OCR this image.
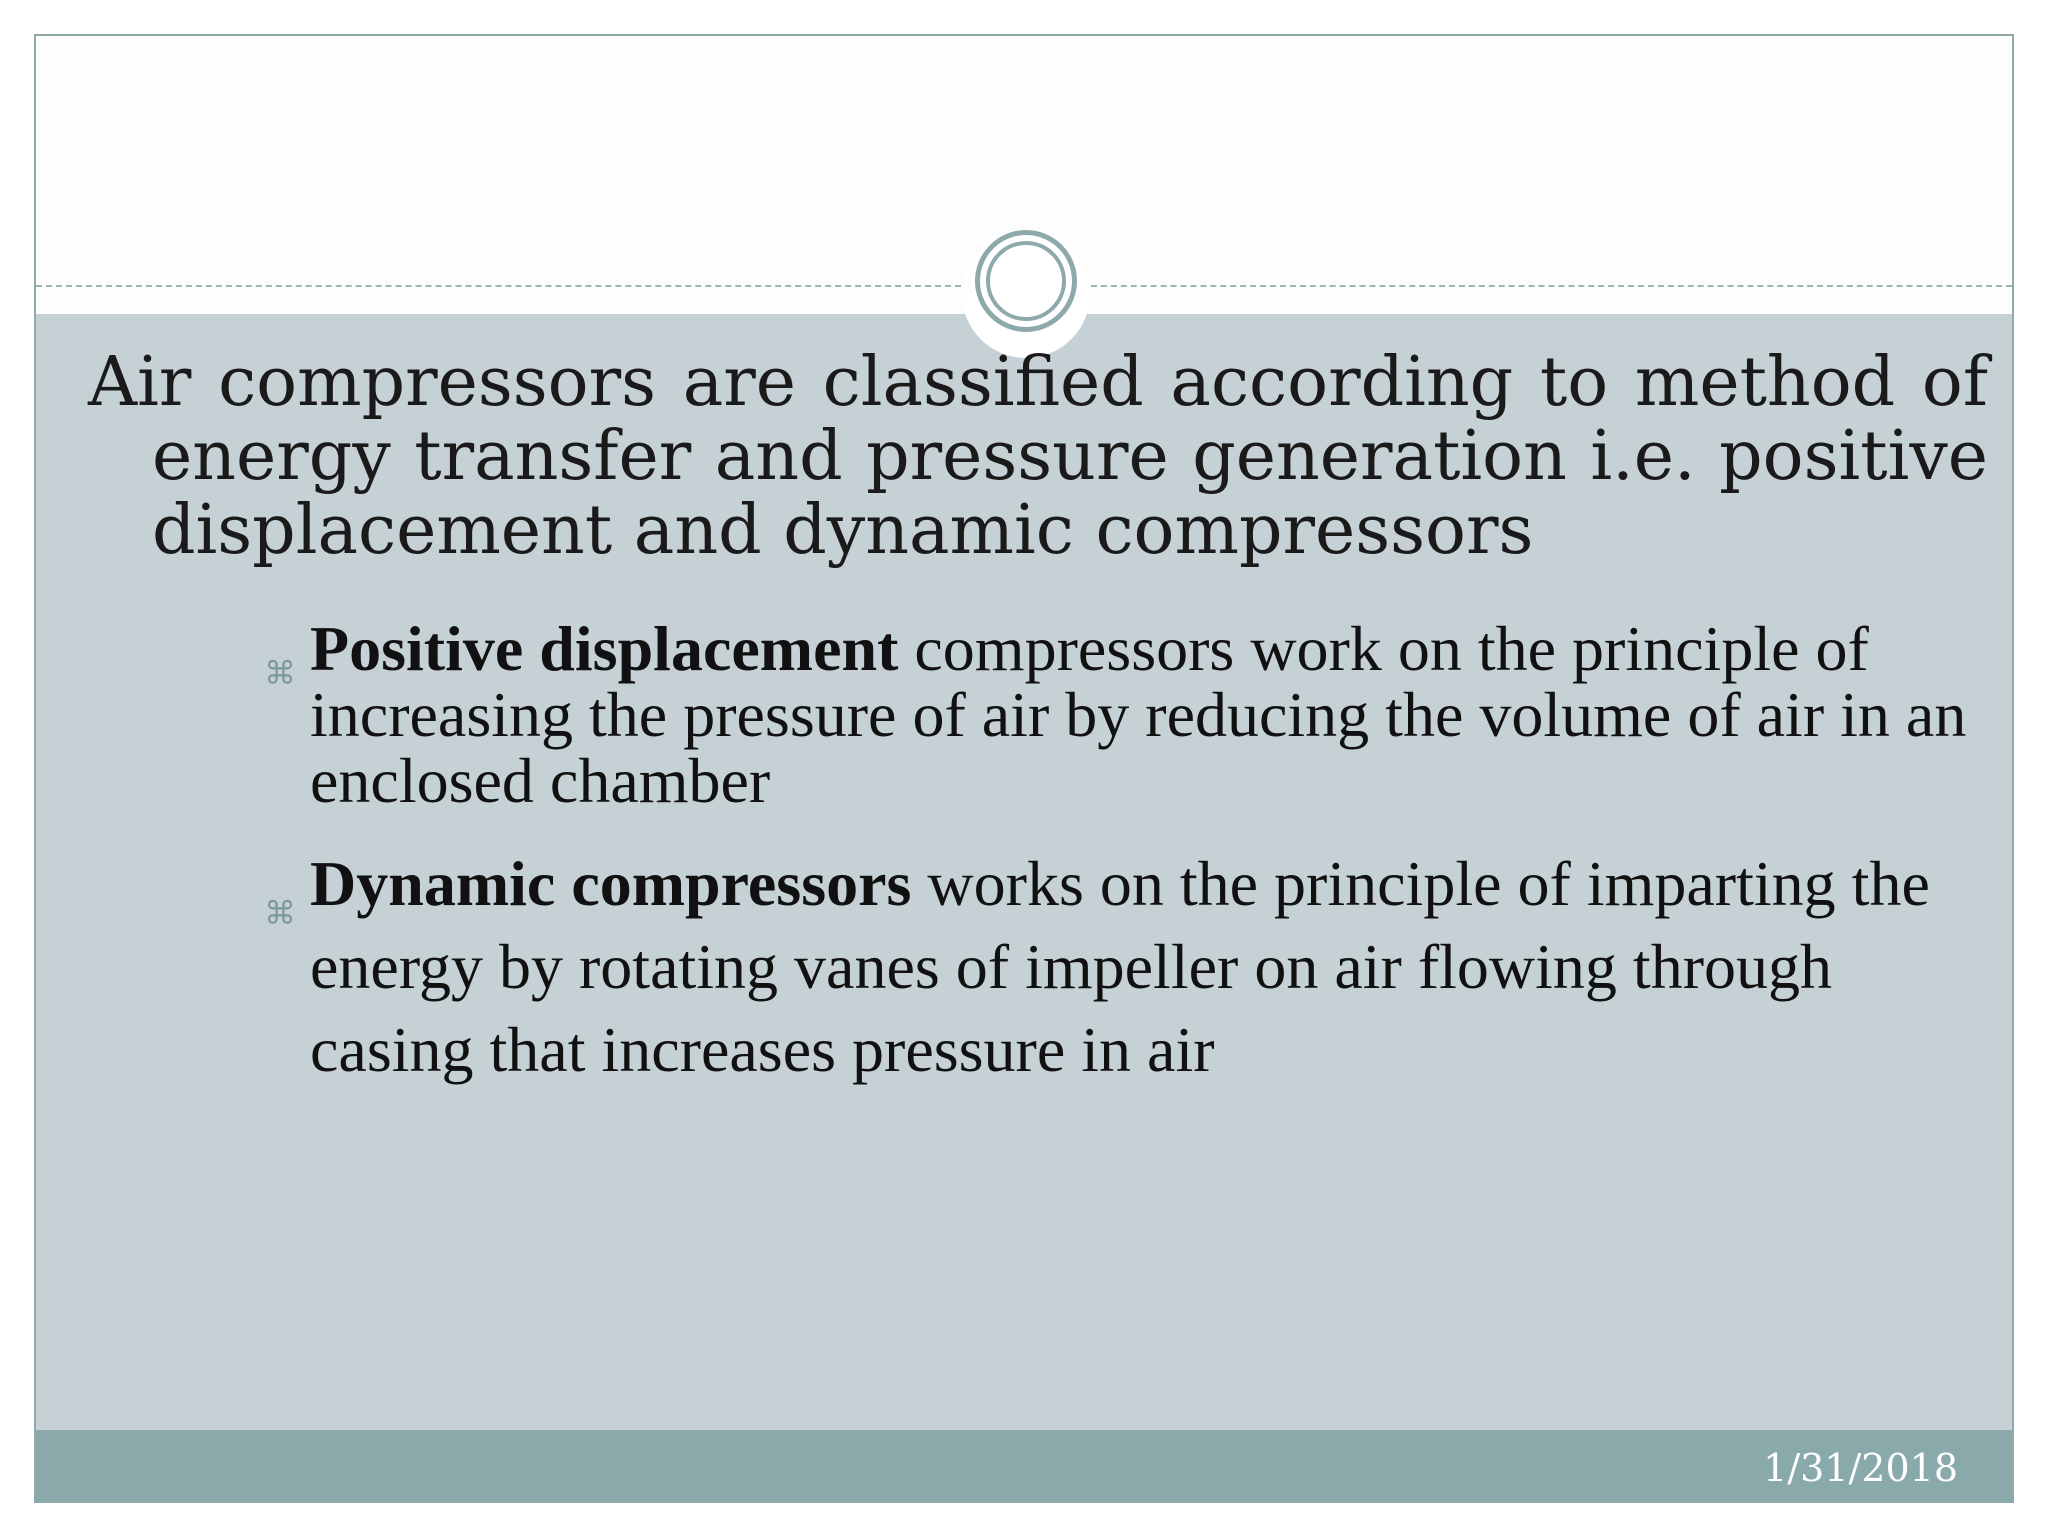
Air compressors are classified according to method of energy transfer and pressure generation i.e. positive displacement and dynamic compressors

⌘ Positive displacement compressors work on the principle of increasing the pressure of air by reducing the volume of air in an enclosed chamber
⌘ Dynamic compressors works on the principle of imparting the energy by rotating vanes of impeller on air flowing through casing that increases pressure in air
1/31/2018
